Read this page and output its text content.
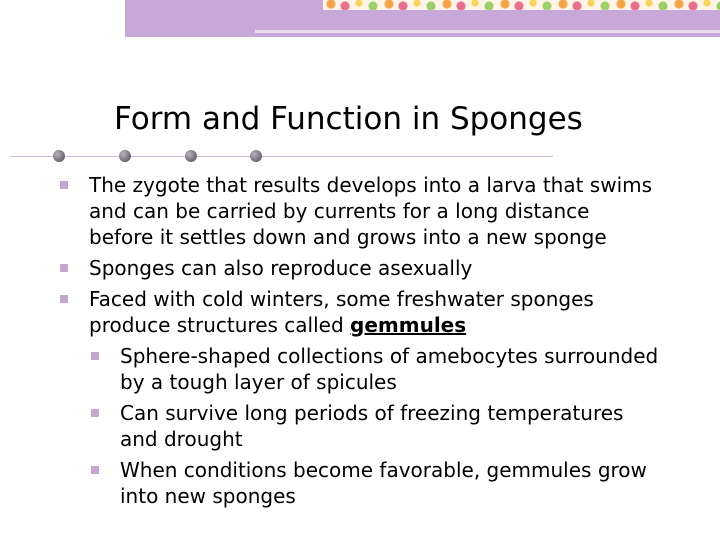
Form and Function in Sponges
The zygote that results develops into a larva that swims and can be carried by currents for a long distance before it settles down and grows into a new sponge
Sponges can also reproduce asexually
Faced with cold winters, some freshwater sponges produce structures called gemmules
Sphere-shaped collections of amebocytes surrounded by a tough layer of spicules
Can survive long periods of freezing temperatures and drought
When conditions become favorable, gemmules grow into new sponges
